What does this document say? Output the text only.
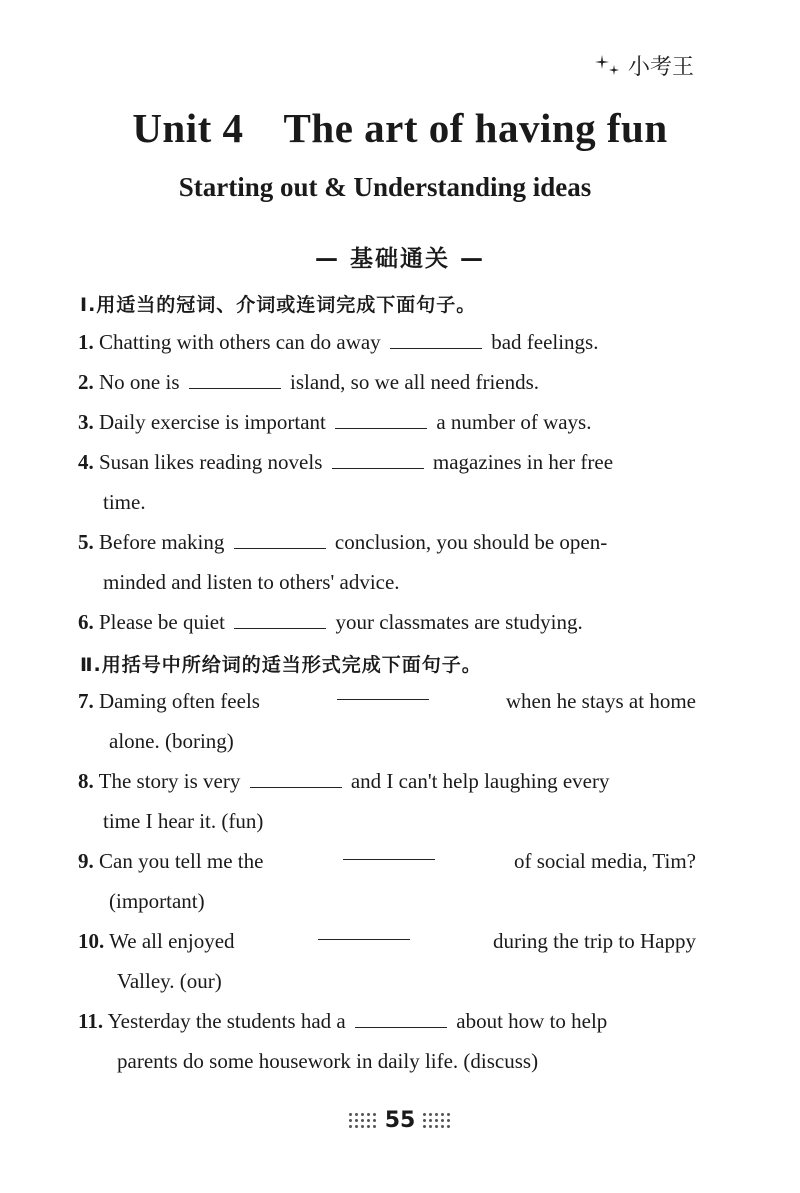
小考王
Unit 4 The art of having fun
Starting out & Understanding ideas
— 基础通关 —
Ⅰ.用适当的冠词、介词或连词完成下面句子。
1. Chatting with others can do away	bad feelings.
2. No one is	island, so we all need friends.
3. Daily exercise is important	a number of ways.
4. Susan likes reading novels	magazines in her free
time.
5. Before making	conclusion, you should be open-
minded and listen to others' advice.
6. Please be quiet	your classmates are studying.
Ⅱ.用括号中所给词的适当形式完成下面句子。
7. Daming often feels	when he stays at home
alone. (boring)
8. The story is very	and I can't help laughing every
time I hear it. (fun)
9. Can you tell me the	of social media, Tim?
(important)
10. We all enjoyed	during the trip to Happy
Valley. (our)
11. Yesterday the students had a	about how to help
parents do some housework in daily life. (discuss)
55
